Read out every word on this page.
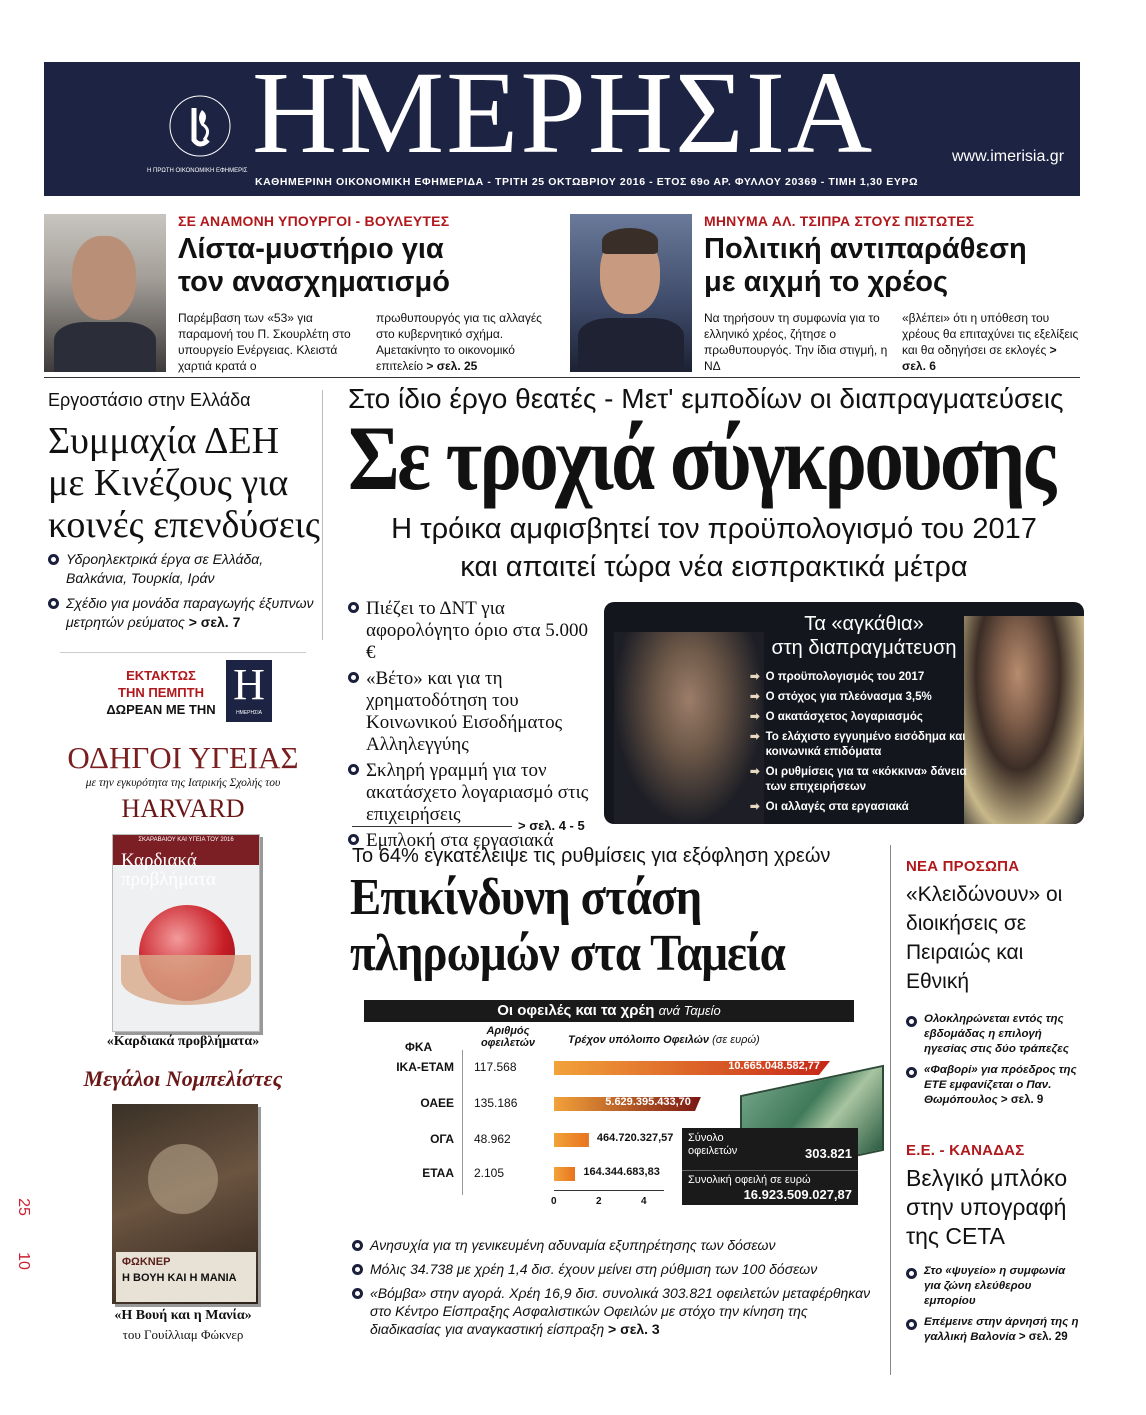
Η ΠΡΩΤΗ ΟΙΚΟΝΟΜΙΚΗ ΕΦΗΜΕΡΙΣ ΗΜΕΡΗΣΙΑ	www.imerisia.gr
ΚΑΘΗΜΕΡΙΝΗ ΟΙΚΟΝΟΜΙΚΗ ΕΦΗΜΕΡΙΔΑ - ΤΡΙΤΗ 25 ΟΚΤΩΒΡΙΟΥ 2016 - ΕΤΟΣ 69ο ΑΡ. ΦΥΛΛΟΥ 20369 - ΤΙΜΗ 1,30 ΕΥΡΩ
ΣΕ ΑΝΑΜΟΝΗ ΥΠΟΥΡΓΟΙ - ΒΟΥΛΕΥΤΕΣ
Λίστα-μυστήριο για
τον ανασχηματισμό
Παρέμβαση των «53» για παραμονή του Π. Σκουρλέτη στο υπουργείο Ενέργειας. Κλειστά χαρτιά κρατά ο
πρωθυπουργός για τις αλλαγές στο κυβερνητικό σχήμα. Αμετακίνητο το οικονομικό επιτελείο > σελ. 25
ΜΗΝΥΜΑ ΑΛ. ΤΣΙΠΡΑ ΣΤΟΥΣ ΠΙΣΤΩΤΕΣ
Πολιτική αντιπαράθεση
με αιχμή το χρέος
Να τηρήσουν τη συμφωνία για το ελληνικό χρέος, ζήτησε ο πρωθυπουργός. Την ίδια στιγμή, η ΝΔ
«βλέπει» ότι η υπόθεση του χρέους θα επιταχύνει τις εξελίξεις και θα οδηγήσει σε εκλογές > σελ. 6
Εργοστάσιο στην Ελλάδα
Συμμαχία ΔΕΗ
με Κινέζους για
κοινές επενδύσεις
Υδροηλεκτρικά έργα σε Ελλάδα, Βαλκάνια, Τουρκία, Ιράν
Σχέδιο για μονάδα παραγωγής έξυπνων μετρητών ρεύματος > σελ. 7
ΕΚΤΑΚΤΩΣ
ΤΗΝ ΠΕΜΠΤΗ
ΔΩΡΕΑΝ ΜΕ ΤΗΝ
Η
ΗΜΕΡΗΣΙΑ
ΟΔΗΓΟΙ ΥΓΕΙΑΣ
με την εγκυρότητα της Ιατρικής Σχολής του
HARVARD
ΣΚΑΡΑΒΑΙΟΥ ΚΑΙ ΥΓΕΙΑ ΤΟΥ 2016
Καρδιακά προβλήματα
«Καρδιακά προβλήματα»
Μεγάλοι Νομπελίστες
ΦΩΚΝΕΡ
Η ΒΟΥΗ ΚΑΙ Η ΜΑΝΙΑ
«Η Βουή και η Μανία»
του Γουίλλιαμ Φώκνερ
25
10
Στο ίδιο έργο θεατές - Μετ' εμποδίων οι διαπραγματεύσεις
Σε τροχιά σύγκρουσης
Η τρόικα αμφισβητεί τον προϋπολογισμό του 2017
και απαιτεί τώρα νέα εισπρακτικά μέτρα
Πιέζει το ΔΝΤ για αφορολόγητο όριο στα 5.000 €
«Βέτο» και για τη χρηματοδότηση του Κοινωνικού Εισοδήματος Αλληλεγγύης
Σκληρή γραμμή για τον ακατάσχετο λογαριασμό στις επιχειρήσεις
Εμπλοκή στα εργασιακά
> σελ. 4 - 5
Τα «αγκάθια»
στη διαπραγμάτευση
➡ Ο προϋπολογισμός του 2017
➡ Ο στόχος για πλεόνασμα 3,5%
➡ Ο ακατάσχετος λογαριασμός
➡ Το ελάχιστο εγγυημένο εισόδημα και κοινωνικά επιδόματα
➡ Οι ρυθμίσεις για τα «κόκκινα» δάνεια των επιχειρήσεων
➡ Οι αλλαγές στα εργασιακά
Το 64% εγκατέλειψε τις ρυθμίσεις για εξόφληση χρεών
Επικίνδυνη στάση
πληρωμών στα Ταμεία
Οι οφειλές και τα χρέη ανά Ταμείο
ΦΚΑ
Αριθμός οφειλετών	Τρέχον υπόλοιπο Οφειλών (σε ευρώ)
ΙΚΑ-ΕΤΑΜ 117.568	10.665.048.582,77
ΟΑΕΕ 135.186	5.629.395.433,70
ΟΓΑ 48.962	464.720.327,57
ΕΤΑΑ 2.105	164.344.683,83
0	2	4
Σύνολο οφειλετών	303.821
Συνολική οφειλή σε ευρώ
16.923.509.027,87
Ανησυχία για τη γενικευμένη αδυναμία εξυπηρέτησης των δόσεων
Μόλις 34.738 με χρέη 1,4 δισ. έχουν μείνει στη ρύθμιση των 100 δόσεων
«Βόμβα» στην αγορά. Χρέη 16,9 δισ. συνολικά 303.821 οφειλετών μεταφέρθηκαν στο Κέντρο Είσπραξης Ασφαλιστικών Οφειλών με στόχο την κίνηση της διαδικασίας για αναγκαστική είσπραξη > σελ. 3
ΝΕΑ ΠΡΟΣΩΠΑ
«Κλειδώνουν» οι διοικήσεις σε Πειραιώς και Εθνική
Ολοκληρώνεται εντός της εβδομάδας η επιλογή ηγεσίας στις δύο τράπεζες
«Φαβορί» για πρόεδρος της ΕΤΕ εμφανίζεται ο Παν. Θωμόπουλος > σελ. 9
Ε.Ε. - ΚΑΝΑΔΑΣ
Βελγικό μπλόκο στην υπογραφή της CETA
Στο «ψυγείο» η συμφωνία για ζώνη ελεύθερου εμπορίου
Επέμεινε στην άρνησή της η γαλλική Βαλονία > σελ. 29
